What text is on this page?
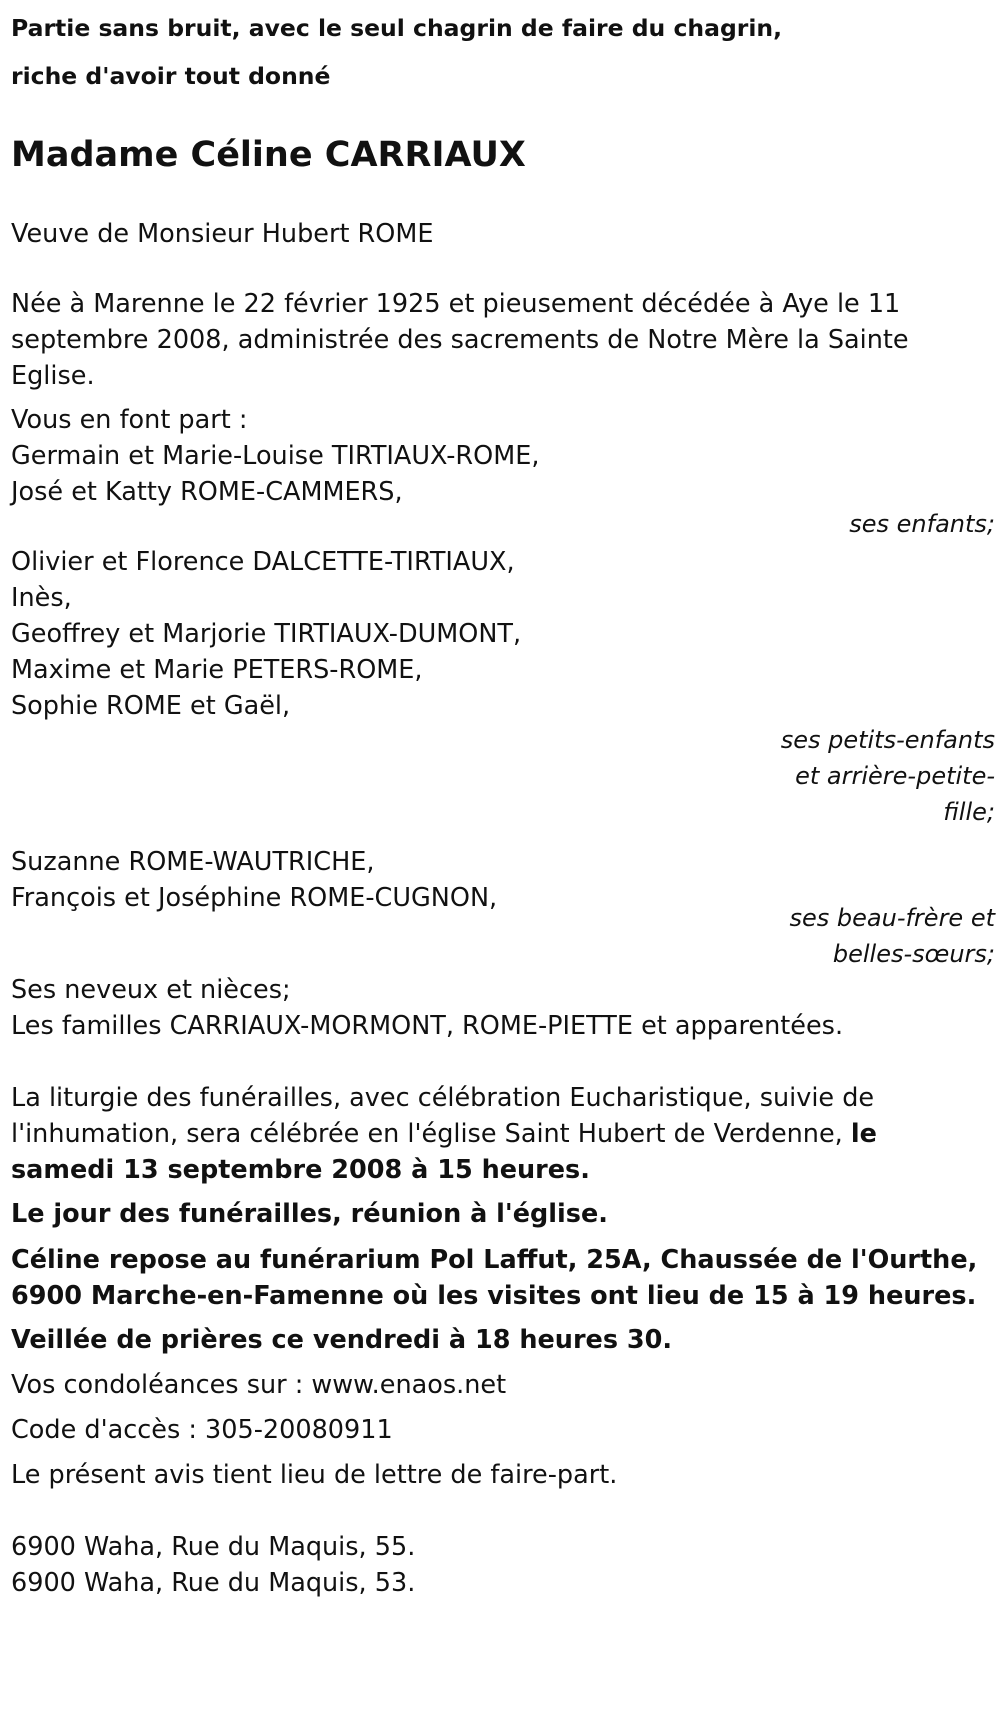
Partie sans bruit, avec le seul chagrin de faire du chagrin,

riche d'avoir tout donné

Madame Céline CARRIAUX

Veuve de Monsieur Hubert ROME

Née à Marenne le 22 février 1925 et pieusement décédée à Aye le 11

septembre 2008, administrée des sacrements de Notre Mère la Sainte

Eglise.

Vous en font part :

Germain et Marie-Louise TIRTIAUX-ROME,

José et Katty ROME-CAMMERS,

ses enfants;

Olivier et Florence DALCETTE-TIRTIAUX,

Inès,

Geoffrey et Marjorie TIRTIAUX-DUMONT,

Maxime et Marie PETERS-ROME,

Sophie ROME et Gaël,

ses petits-enfants

et arrière-petite-

fille;

Suzanne ROME-WAUTRICHE,

François et Joséphine ROME-CUGNON,

ses beau-frère et

belles-sœurs;

Ses neveux et nièces;

Les familles CARRIAUX-MORMONT, ROME-PIETTE et apparentées.

La liturgie des funérailles, avec célébration Eucharistique, suivie de

l'inhumation, sera célébrée en l'église Saint Hubert de Verdenne, le

samedi 13 septembre 2008 à 15 heures.

Le jour des funérailles, réunion à l'église.

Céline repose au funérarium Pol Laffut, 25A, Chaussée de l'Ourthe,

6900 Marche-en-Famenne où les visites ont lieu de 15 à 19 heures.

Veillée de prières ce vendredi à 18 heures 30.

Vos condoléances sur : www.enaos.net

Code d'accès : 305-20080911

Le présent avis tient lieu de lettre de faire-part.

6900 Waha, Rue du Maquis, 55.

6900 Waha, Rue du Maquis, 53.
